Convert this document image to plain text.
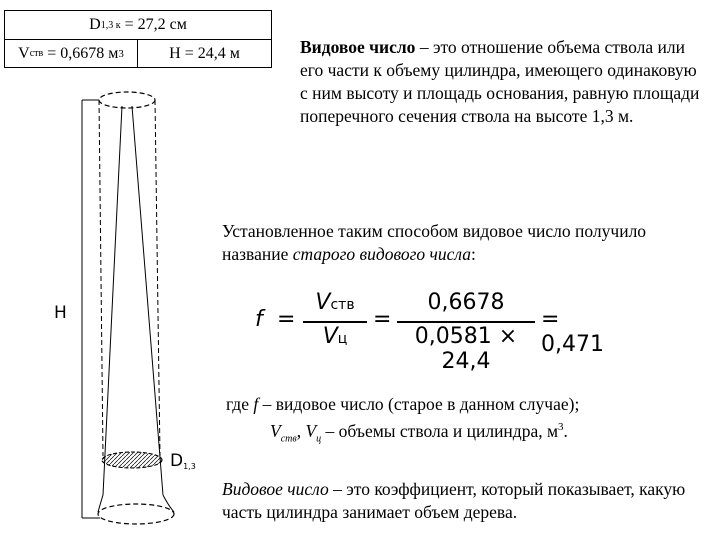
D 1,3 к
= 27,2 см
V ств
= 0,6678 м 3	H = 24,4 м	Видовое число – это отношение объема ствола или его части к объему цилиндра, имеющего одинаковую с ним высоту и площадь основания, равную площади поперечного сечения ствола на высоте 1,3 м.
Установленное таким способом видовое число получило название старого видового числа:
f =
Vств
Vц
=
0,6678
0,0581 × 24,4
= 0,471
где f – видовое число (старое в данном случае);
$V_{ств}$, $V_ц$ – объемы ствола и цилиндра, $м^3$.
Видовое число – это коэффициент, который показывает, какую часть цилиндра занимает объем дерева.
H
D1,3
